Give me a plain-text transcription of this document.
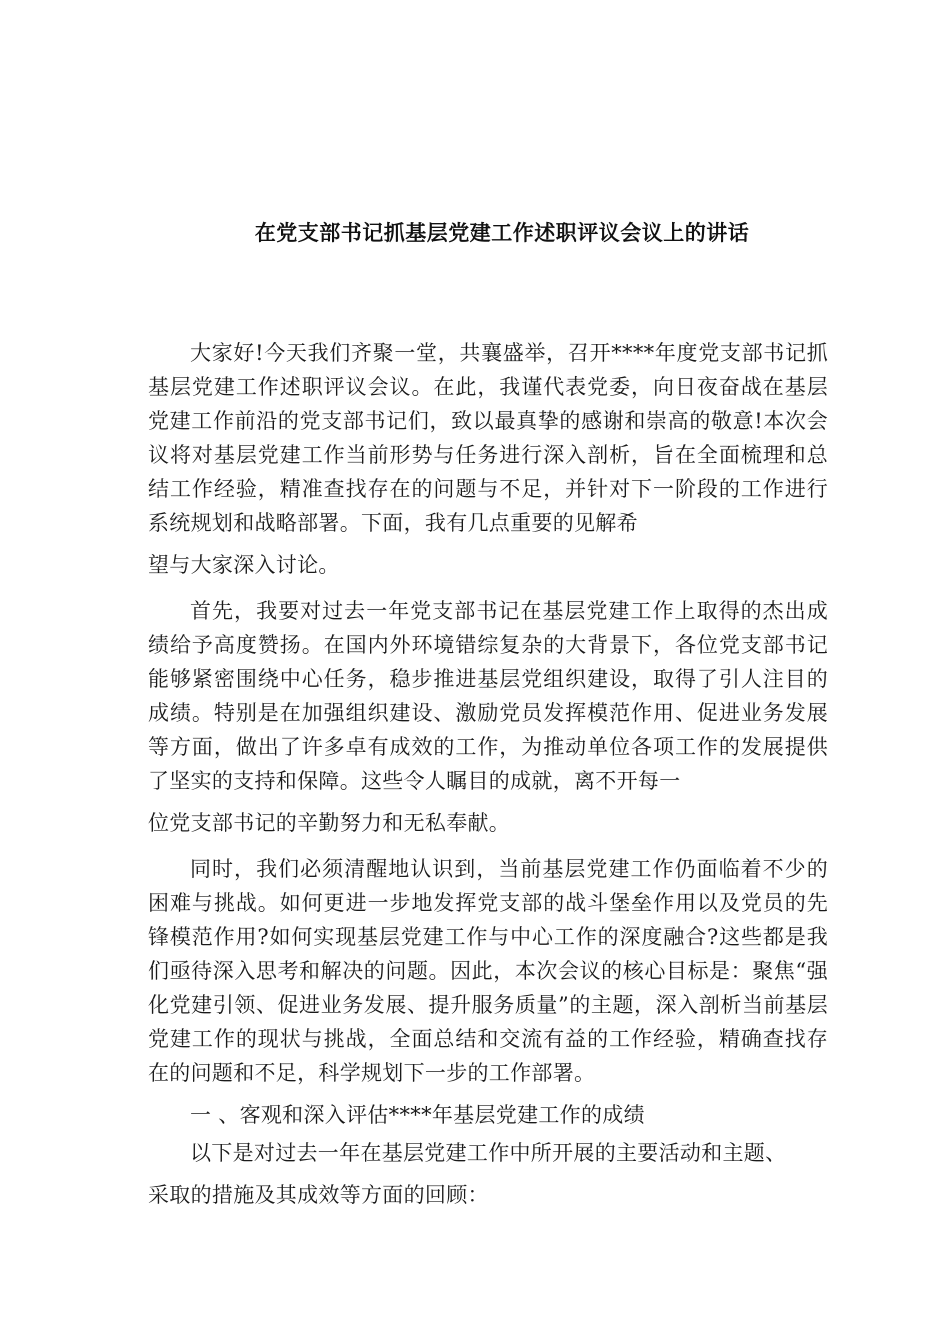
在党支部书记抓基层党建工作述职评议会议上的讲话

大家好!今天我们齐聚一堂，共襄盛举，召开****年度党支部书记抓基层党建工作述职评议会议。在此，我谨代表党委，向日夜奋战在基层党建工作前沿的党支部书记们，致以最真挚的感谢和崇高的敬意!本次会议将对基层党建工作当前形势与任务进行深入剖析，旨在全面梳理和总结工作经验，精准查找存在的问题与不足，并针对下一阶段的工作进行系统规划和战略部署。下面，我有几点重要的见解希
望与大家深入讨论。

首先，我要对过去一年党支部书记在基层党建工作上取得的杰出成绩给予高度赞扬。在国内外环境错综复杂的大背景下，各位党支部书记能够紧密围绕中心任务，稳步推进基层党组织建设，取得了引人注目的成绩。特别是在加强组织建设、激励党员发挥模范作用、促进业务发展等方面，做出了许多卓有成效的工作，为推动单位各项工作的发展提供了坚实的支持和保障。这些令人瞩目的成就，离不开每一
位党支部书记的辛勤努力和无私奉献。

同时，我们必须清醒地认识到，当前基层党建工作仍面临着不少的困难与挑战。如何更进一步地发挥党支部的战斗堡垒作用以及党员的先锋模范作用?如何实现基层党建工作与中心工作的深度融合?这些都是我们亟待深入思考和解决的问题。因此，本次会议的核心目标是：聚焦“强化党建引领、促进业务发展、提升服务质量”的主题，深入剖析当前基层党建工作的现状与挑战，全面总结和交流有益的工作经验，精确查找存在的问题和不足，科学规划下一步的工作部署。

一 、客观和深入评估****年基层党建工作的成绩

以下是对过去一年在基层党建工作中所开展的主要活动和主题、
采取的措施及其成效等方面的回顾：
